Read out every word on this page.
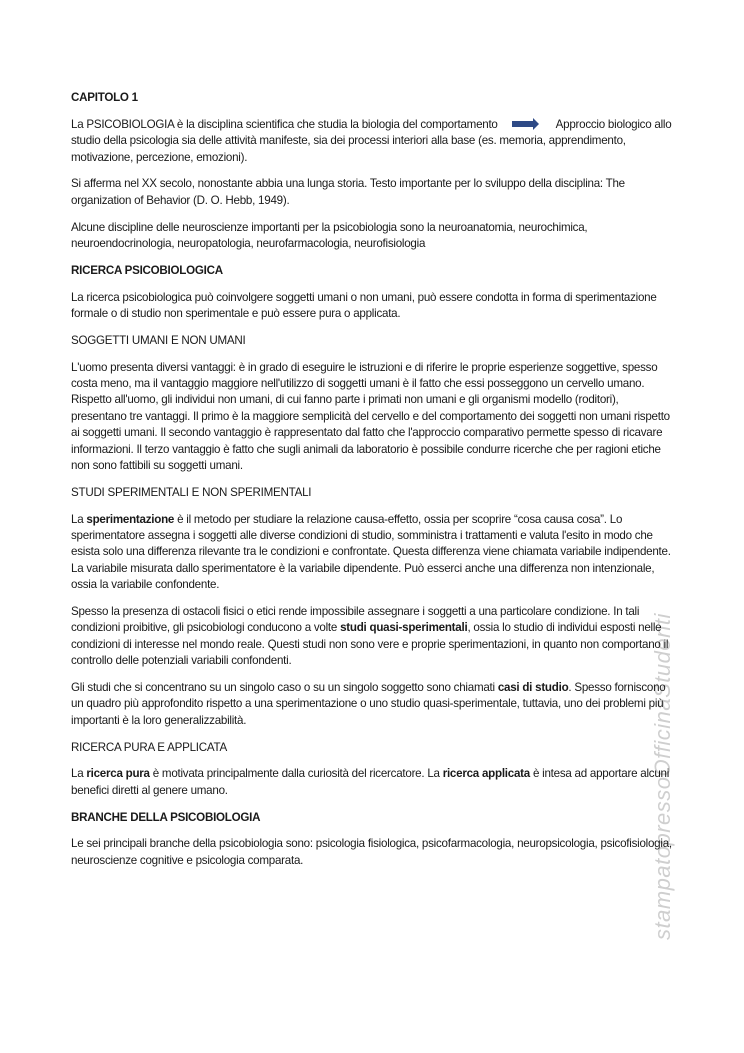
stampatopressoOfficinaStudenti
CAPITOLO 1

La PSICOBIOLOGIA è la disciplina scientifica che studia la biologia del comportamento	Approccio biologico allo studio della psicologia sia delle attività manifeste, sia dei processi interiori alla base (es. memoria, apprendimento, motivazione, percezione, emozioni).

Si afferma nel XX secolo, nonostante abbia una lunga storia. Testo importante per lo sviluppo della disciplina: The organization of Behavior (D. O. Hebb, 1949).

Alcune discipline delle neuroscienze importanti per la psicobiologia sono la neuroanatomia, neurochimica, neuroendocrinologia, neuropatologia, neurofarmacologia, neurofisiologia

RICERCA PSICOBIOLOGICA

La ricerca psicobiologica può coinvolgere soggetti umani o non umani, può essere condotta in forma di sperimentazione formale o di studio non sperimentale e può essere pura o applicata.

SOGGETTI UMANI E NON UMANI

L'uomo presenta diversi vantaggi: è in grado di eseguire le istruzioni e di riferire le proprie esperienze soggettive, spesso costa meno, ma il vantaggio maggiore nell'utilizzo di soggetti umani è il fatto che essi posseggono un cervello umano. Rispetto all'uomo, gli individui non umani, di cui fanno parte i primati non umani e gli organismi modello (roditori), presentano tre vantaggi. Il primo è la maggiore semplicità del cervello e del comportamento dei soggetti non umani rispetto ai soggetti umani. Il secondo vantaggio è rappresentato dal fatto che l'approccio comparativo permette spesso di ricavare informazioni. Il terzo vantaggio è fatto che sugli animali da laboratorio è possibile condurre ricerche che per ragioni etiche non sono fattibili su soggetti umani.

STUDI SPERIMENTALI E NON SPERIMENTALI

La sperimentazione è il metodo per studiare la relazione causa-effetto, ossia per scoprire “cosa causa cosa”. Lo sperimentatore assegna i soggetti alle diverse condizioni di studio, somministra i trattamenti e valuta l'esito in modo che esista solo una differenza rilevante tra le condizioni e confrontate. Questa differenza viene chiamata variabile indipendente. La variabile misurata dallo sperimentatore è la variabile dipendente. Può esserci anche una differenza non intenzionale, ossia la variabile confondente.

Spesso la presenza di ostacoli fisici o etici rende impossibile assegnare i soggetti a una particolare condizione. In tali condizioni proibitive, gli psicobiologi conducono a volte studi quasi-sperimentali, ossia lo studio di individui esposti nelle condizioni di interesse nel mondo reale. Questi studi non sono vere e proprie sperimentazioni, in quanto non comportano il controllo delle potenziali variabili confondenti.

Gli studi che si concentrano su un singolo caso o su un singolo soggetto sono chiamati casi di studio. Spesso forniscono un quadro più approfondito rispetto a una sperimentazione o uno studio quasi-sperimentale, tuttavia, uno dei problemi più importanti è la loro generalizzabilità.

RICERCA PURA E APPLICATA

La ricerca pura è motivata principalmente dalla curiosità del ricercatore. La ricerca applicata è intesa ad apportare alcuni benefici diretti al genere umano.

BRANCHE DELLA PSICOBIOLOGIA

Le sei principali branche della psicobiologia sono: psicologia fisiologica, psicofarmacologia, neuropsicologia, psicofisiologia, neuroscienze cognitive e psicologia comparata.
